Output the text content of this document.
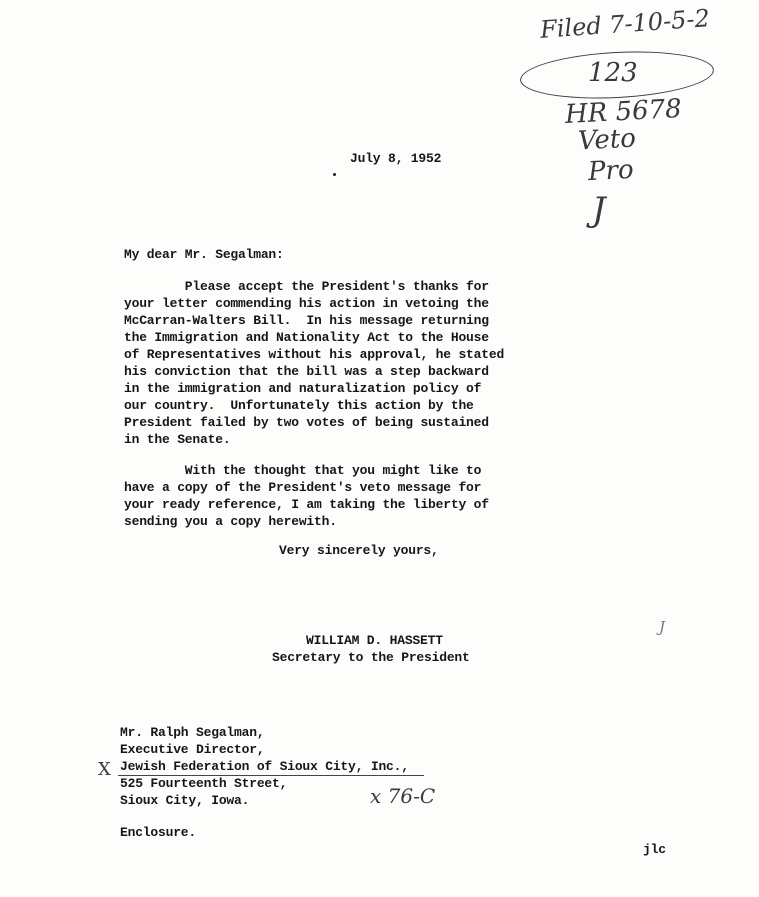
Filed 7-10-5-2
123
HR 5678
Veto
Pro
J
July 8, 1952
My dear Mr. Segalman:
Please accept the President's thanks for
your letter commending his action in vetoing the
McCarran-Walters Bill.  In his message returning
the Immigration and Nationality Act to the House
of Representatives without his approval, he stated
his conviction that the bill was a step backward
in the immigration and naturalization policy of
our country.  Unfortunately this action by the
President failed by two votes of being sustained
in the Senate.
With the thought that you might like to
have a copy of the President's veto message for
your ready reference, I am taking the liberty of
sending you a copy herewith.
Very sincerely yours,
WILLIAM D. HASSETT
Secretary to the President
J
Mr. Ralph Segalman,
Executive Director,
Jewish Federation of Sioux City, Inc.,
525 Fourteenth Street,
Sioux City, Iowa.
X
x 76-C
Enclosure.
jlc
